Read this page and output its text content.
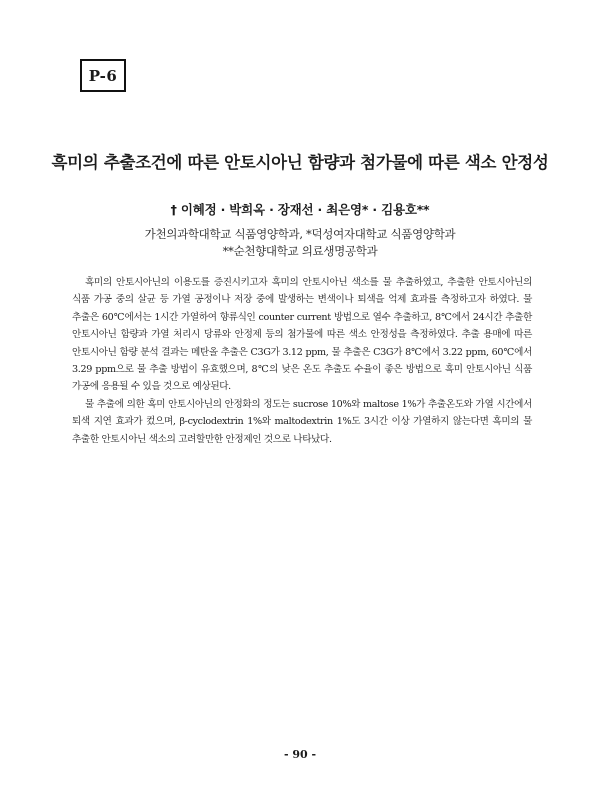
P-6
흑미의 추출조건에 따른 안토시아닌 함량과 첨가물에 따른 색소 안정성
† 이혜정 · 박희옥 · 장재선 · 최은영* · 김용호**
가천의과학대학교 식품영양학과, *덕성여자대학교 식품영양학과
**순천향대학교 의료생명공학과

흑미의 안토시아닌의 이용도를 증진시키고자 흑미의 안토시아닌 색소를 물 추출하였고, 추출한 안토시아닌의 식품 가공 중의 살균 등 가열 공정이나 저장 중에 발생하는 변색이나 퇴색을 억제 효과를 측정하고자 하였다. 물 추출은 60℃에서는 1시간 가열하여 향류식인 counter current 방법으로 열수 추출하고, 8℃에서 24시간 추출한 안토시아닌 함량과 가열 처리시 당류와 안정제 등의 첨가물에 따른 색소 안정성을 측정하였다. 추출 용매에 따른 안토시아닌 함량 분석 결과는 메탄올 추출은 C3G가 3.12 ppm, 물 추출은 C3G가 8℃에서 3.22 ppm, 60℃에서 3.29 ppm으로 물 추출 방법이 유효했으며, 8℃의 낮은 온도 추출도 수율이 좋은 방법으로 흑미 안토시아닌 식품 가공에 응용될 수 있을 것으로 예상된다.

물 추출에 의한 흑미 안토시아닌의 안정화의 정도는 sucrose 10%와 maltose 1%가 추출온도와 가열 시간에서 퇴색 지연 효과가 컸으며, β-cyclodextrin 1%와 maltodextrin 1%도 3시간 이상 가열하지 않는다면 흑미의 물 추출한 안토시아닌 색소의 고려할만한 안정제인 것으로 나타났다.

- 90 -
